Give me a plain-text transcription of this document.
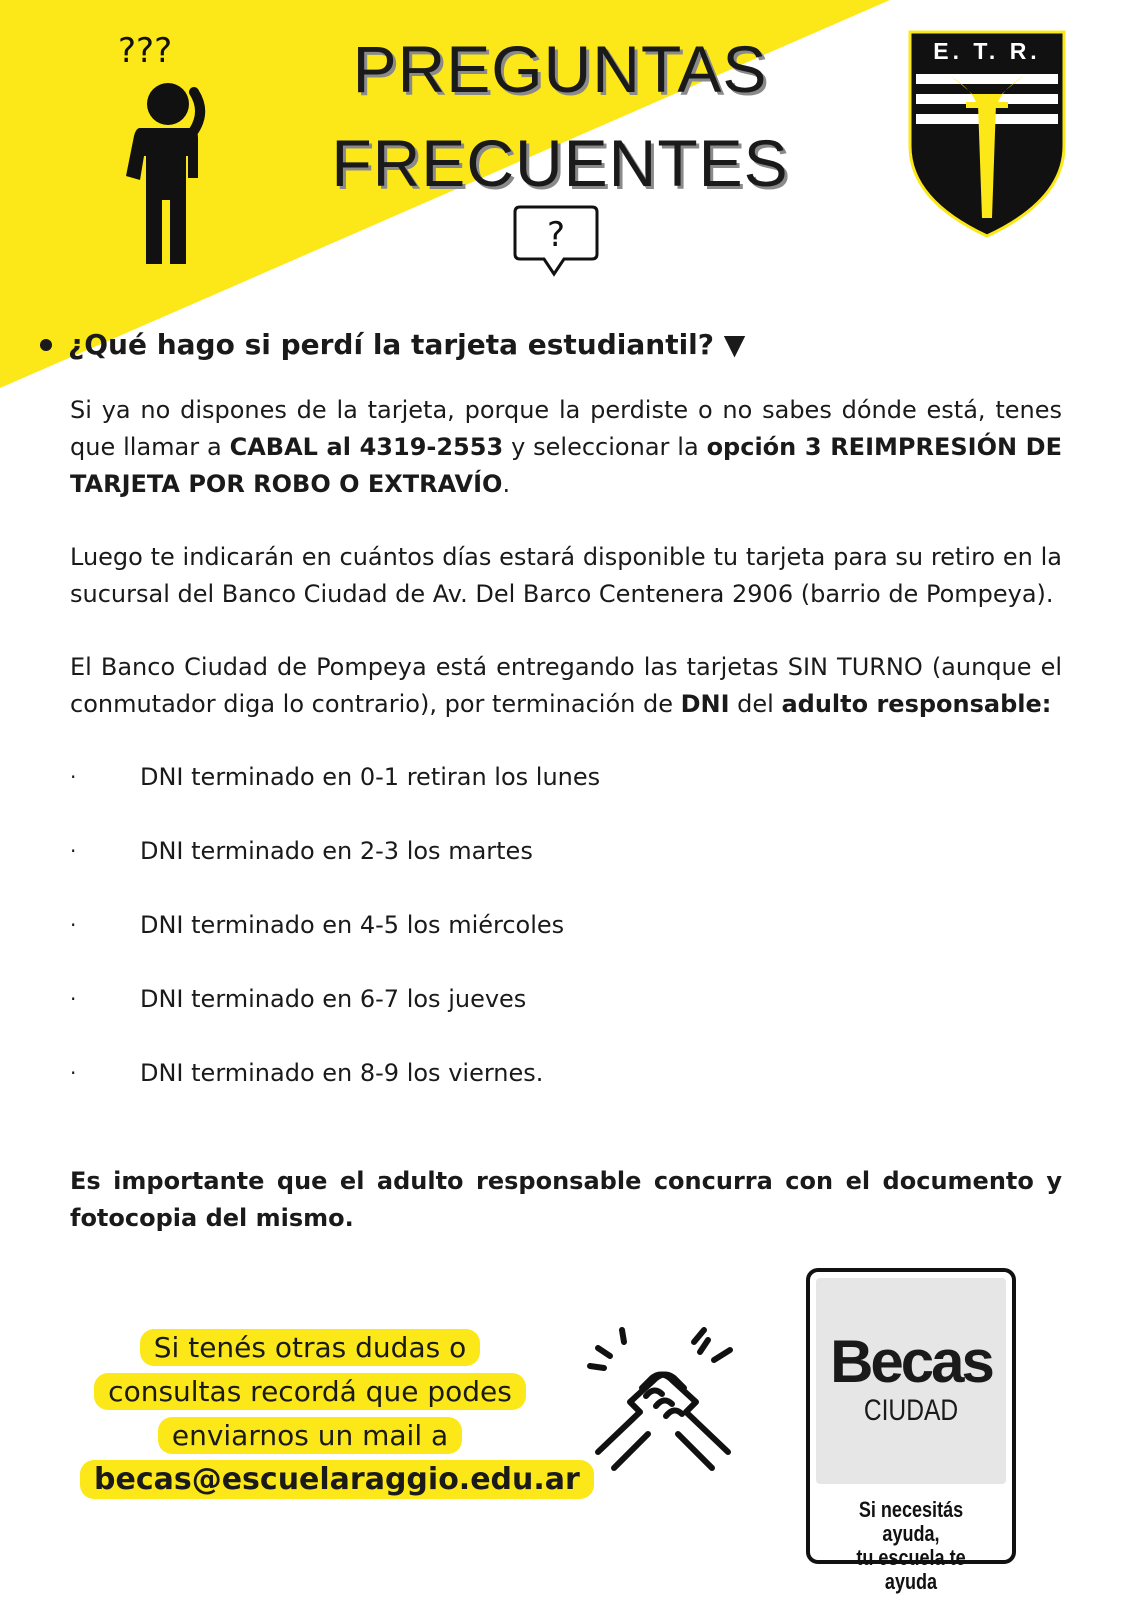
???	PREGUNTAS
FRECUENTES
?
E. T. R.
¿Qué hago si perdí la tarjeta estudiantil? ▼

Si ya no dispones de la tarjeta, porque la perdiste o no sabes dónde está, tenes que llamar a CABAL al 4319-2553 y seleccionar la opción 3 REIMPRESIÓN DE TARJETA POR ROBO O EXTRAVÍO.

Luego te indicarán en cuántos días estará disponible tu tarjeta para su retiro en la sucursal del Banco Ciudad de Av. Del Barco Centenera 2906 (barrio de Pompeya).

El Banco Ciudad de Pompeya está entregando las tarjetas SIN TURNO (aunque el conmutador diga lo contrario), por terminación de DNI del adulto responsable:

·	DNI terminado en 0-1 retiran los lunes
·	DNI terminado en 2-3 los martes
·	DNI terminado en 4-5 los miércoles
·	DNI terminado en 6-7 los jueves
·	DNI terminado en 8-9 los viernes.

Es importante que el adulto responsable concurra con el documento y fotocopia del mismo.

Si tenés otras dudas o
consultas recordá que podes
enviarnos un mail a
becas@escuelaraggio.edu.ar
Becas
CIUDAD
Si necesitás ayuda,
tu escuela te ayuda
